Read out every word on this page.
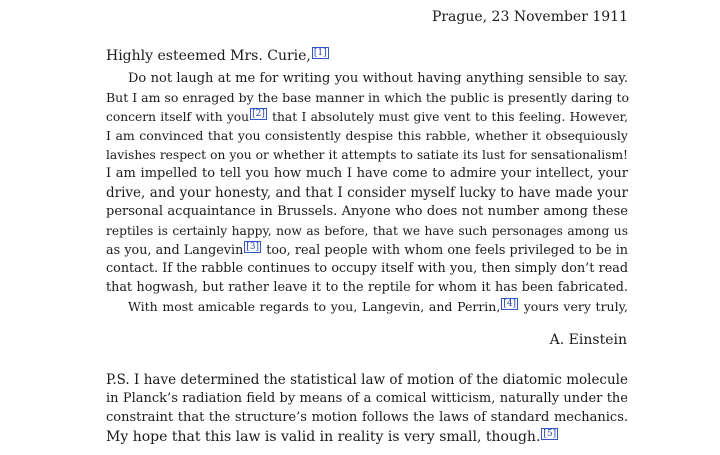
Prague, 23 November 1911
Highly esteemed Mrs. Curie, [1]
Do not laugh at me for writing you without having anything sensible to say.
But I am so enraged by the base manner in which the public is presently daring to
concern itself with you [2] that I absolutely must give vent to this feeling. However,
I am convinced that you consistently despise this rabble, whether it obsequiously
lavishes respect on you or whether it attempts to satiate its lust for sensationalism!
I am impelled to tell you how much I have come to admire your intellect, your
drive, and your honesty, and that I consider myself lucky to have made your
personal acquaintance in Brussels. Anyone who does not number among these
reptiles is certainly happy, now as before, that we have such personages among us
as you, and Langevin [3] too, real people with whom one feels privileged to be in
contact. If the rabble continues to occupy itself with you, then simply don’t read
that hogwash, but rather leave it to the reptile for whom it has been fabricated.
With most amicable regards to you, Langevin, and Perrin, [4] yours very truly,
A. Einstein
P.S. I have determined the statistical law of motion of the diatomic molecule
in Planck’s radiation field by means of a comical witticism, naturally under the
constraint that the structure’s motion follows the laws of standard mechanics.
My hope that this law is valid in reality is very small, though. [5]
